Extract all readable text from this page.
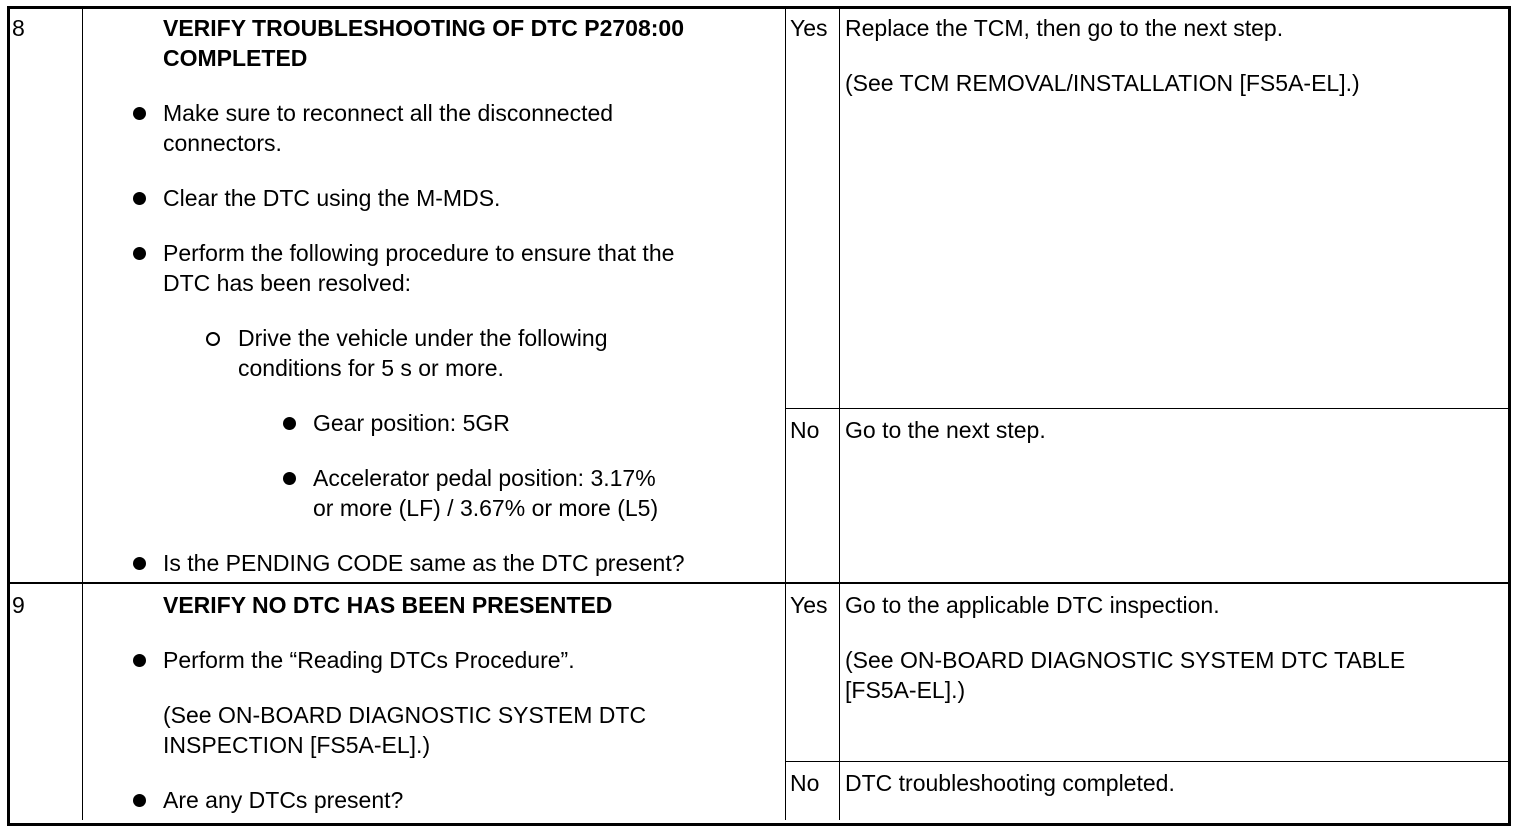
8	VERIFY TROUBLESHOOTING OF DTC P2708:00
COMPLETED
Make sure to reconnect all the disconnected
connectors.
Clear the DTC using the M-MDS.
Perform the following procedure to ensure that the
DTC has been resolved:
Drive the vehicle under the following
conditions for 5 s or more.
Gear position: 5GR
Accelerator pedal position: 3.17%
or more (LF) / 3.67% or more (L5)
Is the PENDING CODE same as the DTC present?
Yes Replace the TCM, then go to the next step.
(See TCM REMOVAL/INSTALLATION [FS5A-EL].)
No Go to the next step.
9	VERIFY NO DTC HAS BEEN PRESENTED
Perform the “Reading DTCs Procedure”.
(See ON-BOARD DIAGNOSTIC SYSTEM DTC
INSPECTION [FS5A-EL].)
Are any DTCs present?
Yes Go to the applicable DTC inspection.
(See ON-BOARD DIAGNOSTIC SYSTEM DTC TABLE
[FS5A-EL].)
No DTC troubleshooting completed.
